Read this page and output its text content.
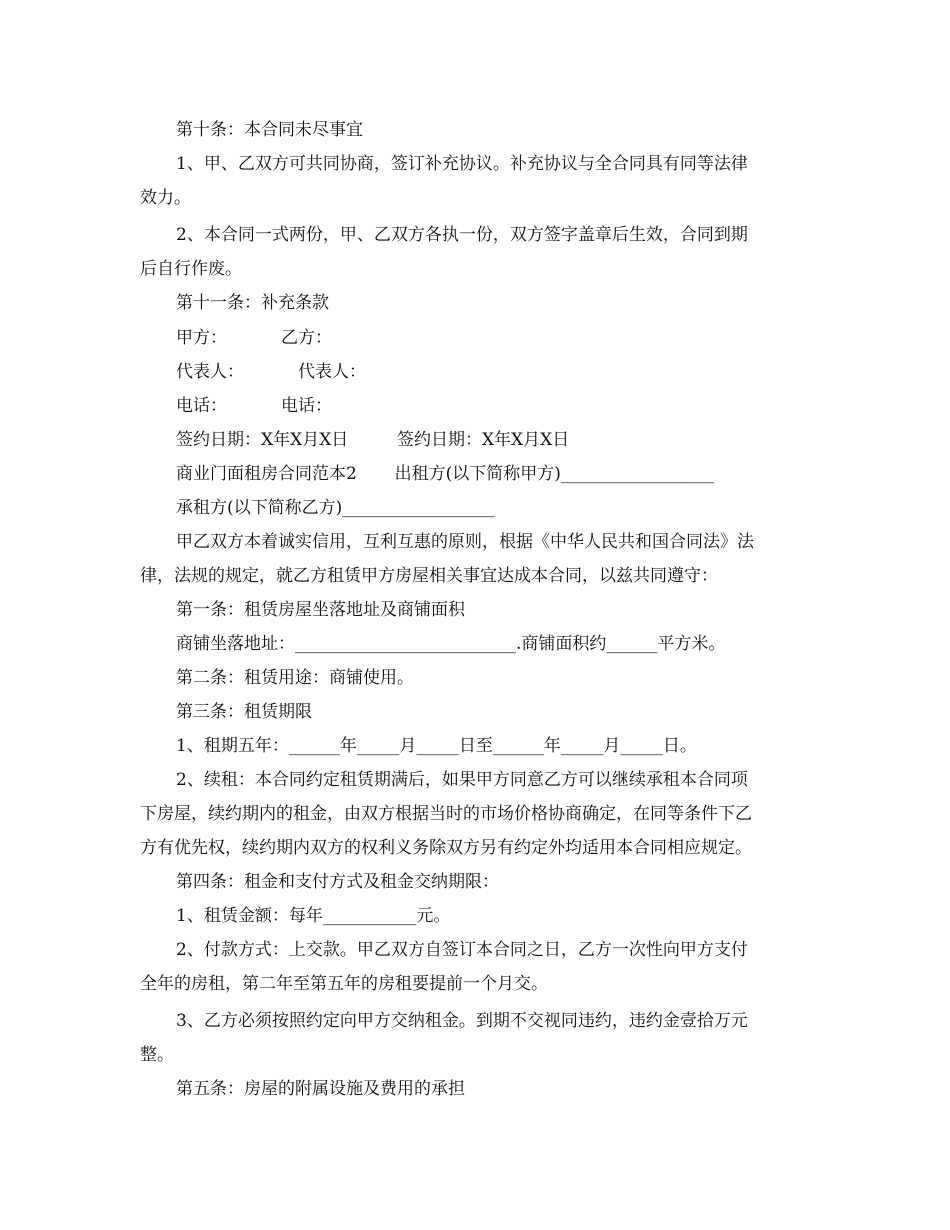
第十条：本合同未尽事宜
1、甲、乙双方可共同协商，签订补充协议。补充协议与全合同具有同等法律
效力。
2、本合同一式两份，甲、乙双方各执一份，双方签字盖章后生效，合同到期
后自行作废。
第十一条：补充条款
甲方：          乙方：
代表人：          代表人：
电话：          电话：
签约日期：X年X月X日         签约日期：X年X月X日
商业门面租房合同范本2       出租方(以下简称甲方)__________________
承租方(以下简称乙方)__________________
甲乙双方本着诚实信用，互利互惠的原则，根据《中华人民共和国合同法》法
律，法规的规定，就乙方租赁甲方房屋相关事宜达成本合同，以兹共同遵守：
第一条：租赁房屋坐落地址及商铺面积
商铺坐落地址：__________________________.商铺面积约______平方米。
第二条：租赁用途：商铺使用。
第三条：租赁期限
1、租期五年：______年_____月_____日至______年_____月_____日。
2、续租：本合同约定租赁期满后，如果甲方同意乙方可以继续承租本合同项
下房屋，续约期内的租金，由双方根据当时的市场价格协商确定，在同等条件下乙
方有优先权，续约期内双方的权利义务除双方另有约定外均适用本合同相应规定。
第四条：租金和支付方式及租金交纳期限：
1、租赁金额：每年___________元。
2、付款方式：上交款。甲乙双方自签订本合同之日，乙方一次性向甲方支付
全年的房租，第二年至第五年的房租要提前一个月交。
3、乙方必须按照约定向甲方交纳租金。到期不交视同违约，违约金壹拾万元
整。
第五条：房屋的附属设施及费用的承担
